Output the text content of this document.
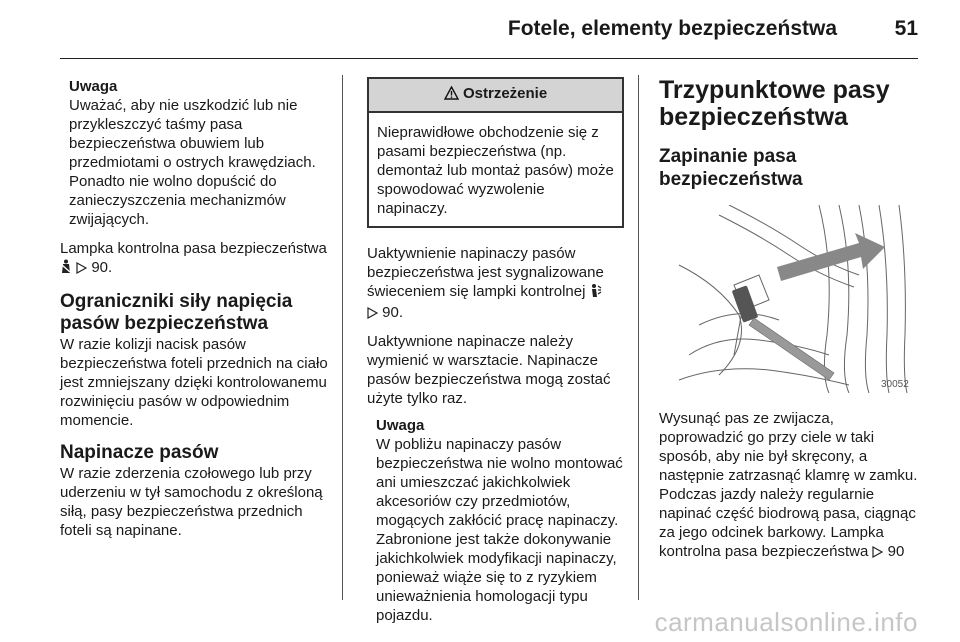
Fotele, elementy bezpieczeństwa	51
Uwaga
Uważać, aby nie uszkodzić lub nie przykleszczyć taśmy pasa bezpieczeństwa obuwiem lub przedmiotami o ostrych krawędziach. Ponadto nie wolno dopuścić do zanieczyszczenia mechanizmów zwijających.

Lampka kontrolna pasa bezpieczeństwa   90.

Ograniczniki siły napięcia pasów bezpieczeństwa

W razie kolizji nacisk pasów bezpieczeństwa foteli przednich na ciało jest zmniejszany dzięki kontrolowanemu rozwinięciu pasów w odpowiednim momencie.

Napinacze pasów

W razie zderzenia czołowego lub przy uderzeniu w tył samochodu z określoną siłą, pasy bezpieczeństwa przednich foteli są napinane.

Ostrzeżenie
Nieprawidłowe obchodzenie się z pasami bezpieczeństwa (np. demontaż lub montaż pasów) może spowodować wyzwolenie napinaczy.

Uaktywnienie napinaczy pasów bezpieczeństwa jest sygnalizowane świeceniem się lampki kontrolnej
90.

Uaktywnione napinacze należy wymienić w warsztacie. Napinacze pasów bezpieczeństwa mogą zostać użyte tylko raz.

Uwaga
W pobliżu napinaczy pasów bezpieczeństwa nie wolno montować ani umieszczać jakichkolwiek akcesoriów czy przedmiotów, mogących zakłócić pracę napinaczy. Zabronione jest także dokonywanie jakichkolwiek modyfikacji napinaczy, ponieważ wiąże się to z ryzykiem unieważnienia homologacji typu pojazdu.
Trzypunktowe pasy bezpieczeństwa
Zapinanie pasa bezpieczeństwa
30052

Wysunąć pas ze zwijacza, poprowadzić go przy ciele w taki sposób, aby nie był skręcony, a następnie zatrzasnąć klamrę w zamku. Podczas jazdy należy regularnie napinać część biodrową pasa, ciągnąc za jego odcinek barkowy. Lampka kontrolna pasa bezpieczeństwa 90

carmanualsonline.info
